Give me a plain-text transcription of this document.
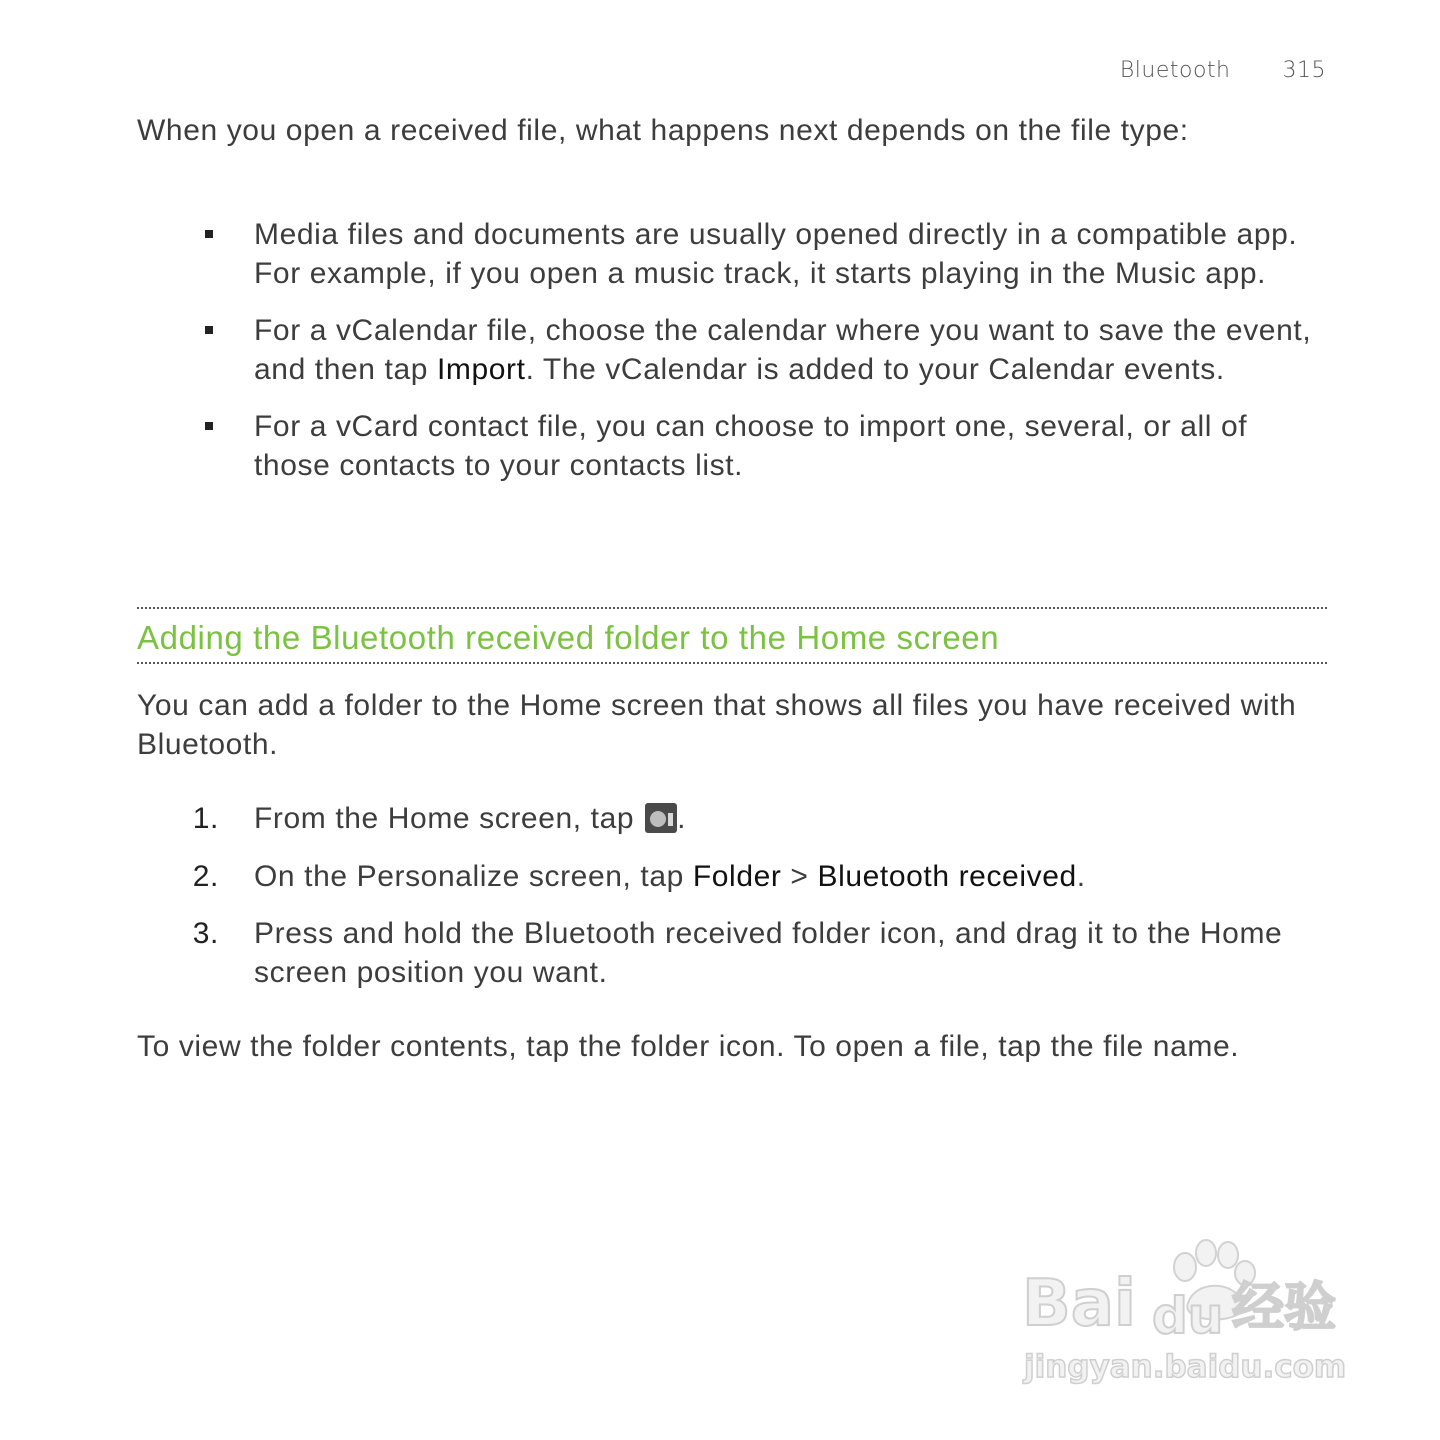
Bluetooth 315

When you open a received file, what happens next depends on the file type:

Media files and documents are usually opened directly in a compatible app. For example, if you open a music track, it starts playing in the Music app.
For a vCalendar file, choose the calendar where you want to save the event, and then tap Import. The vCalendar is added to your Calendar events.
For a vCard contact file, you can choose to import one, several, or all of those contacts to your contacts list.
Adding the Bluetooth received folder to the Home screen

You can add a folder to the Home screen that shows all files you have received with Bluetooth.

1. From the Home screen, tap .
2. On the Personalize screen, tap Folder > Bluetooth received.
3. Press and hold the Bluetooth received folder icon, and drag it to the Home screen position you want.

To view the folder contents, tap the folder icon. To open a file, tap the file name.

Bai du 经验
jingyan.baidu.com
